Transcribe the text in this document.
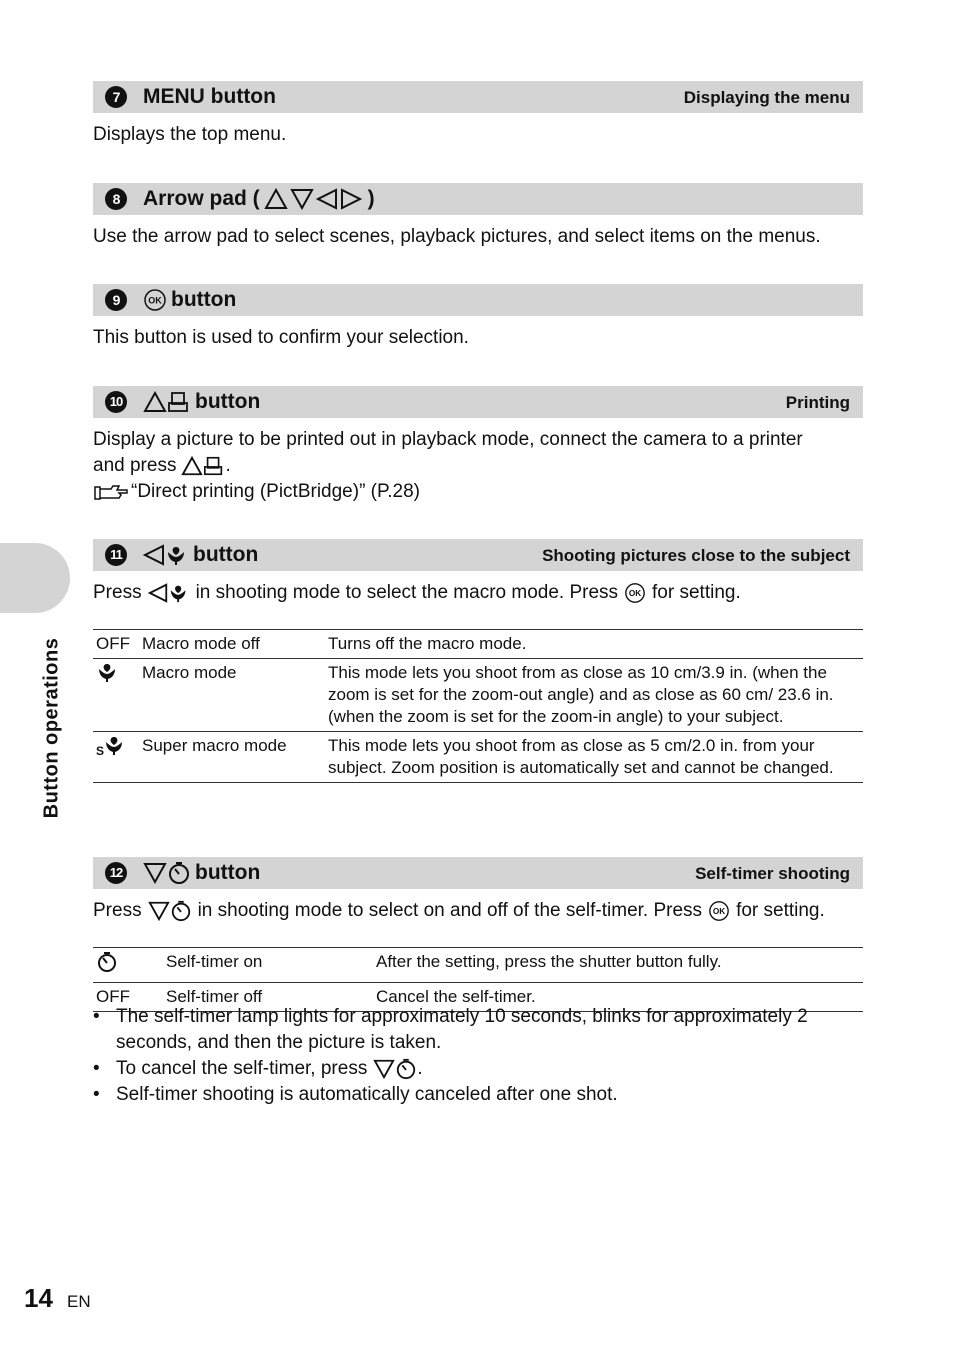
Button operations
7	MENU button	Displaying the menu
Displays the top menu.
8	Arrow pad (	)
Use the arrow pad to select scenes, playback pictures, and select items on the menus.
9	OK button
This button is used to confirm your selection.
10	button	Printing
Display a picture to be printed out in playback mode, connect the camera to a printer
and press	.
“Direct printing (PictBridge)” (P.28)
11	button	Shooting pictures close to the subject
Press	in shooting mode to select the macro mode. Press OK for setting.
OFF	Macro mode off	Turns off the macro mode.
	Macro mode	This mode lets you shoot from as close as 10 cm/3.9 in. (when the zoom is set for the zoom-out angle) and as close as 60 cm/ 23.6 in. (when the zoom is set for the zoom-in angle) to your subject.

S	Super macro mode	This mode lets you shoot from as close as 5 cm/2.0 in. from your subject. Zoom position is automatically set and cannot be changed.
12	button	Self-timer shooting
Press	in shooting mode to select on and off of the self-timer. Press OK for setting.
	Self-timer on	After the setting, press the shutter button fully.
OFF	Self-timer off	Cancel the self-timer.
• The self-timer lamp lights for approximately 10 seconds, blinks for approximately 2 seconds, and then the picture is taken.
• To cancel the self-timer, press	.
• Self-timer shooting is automatically canceled after one shot.
14 EN
